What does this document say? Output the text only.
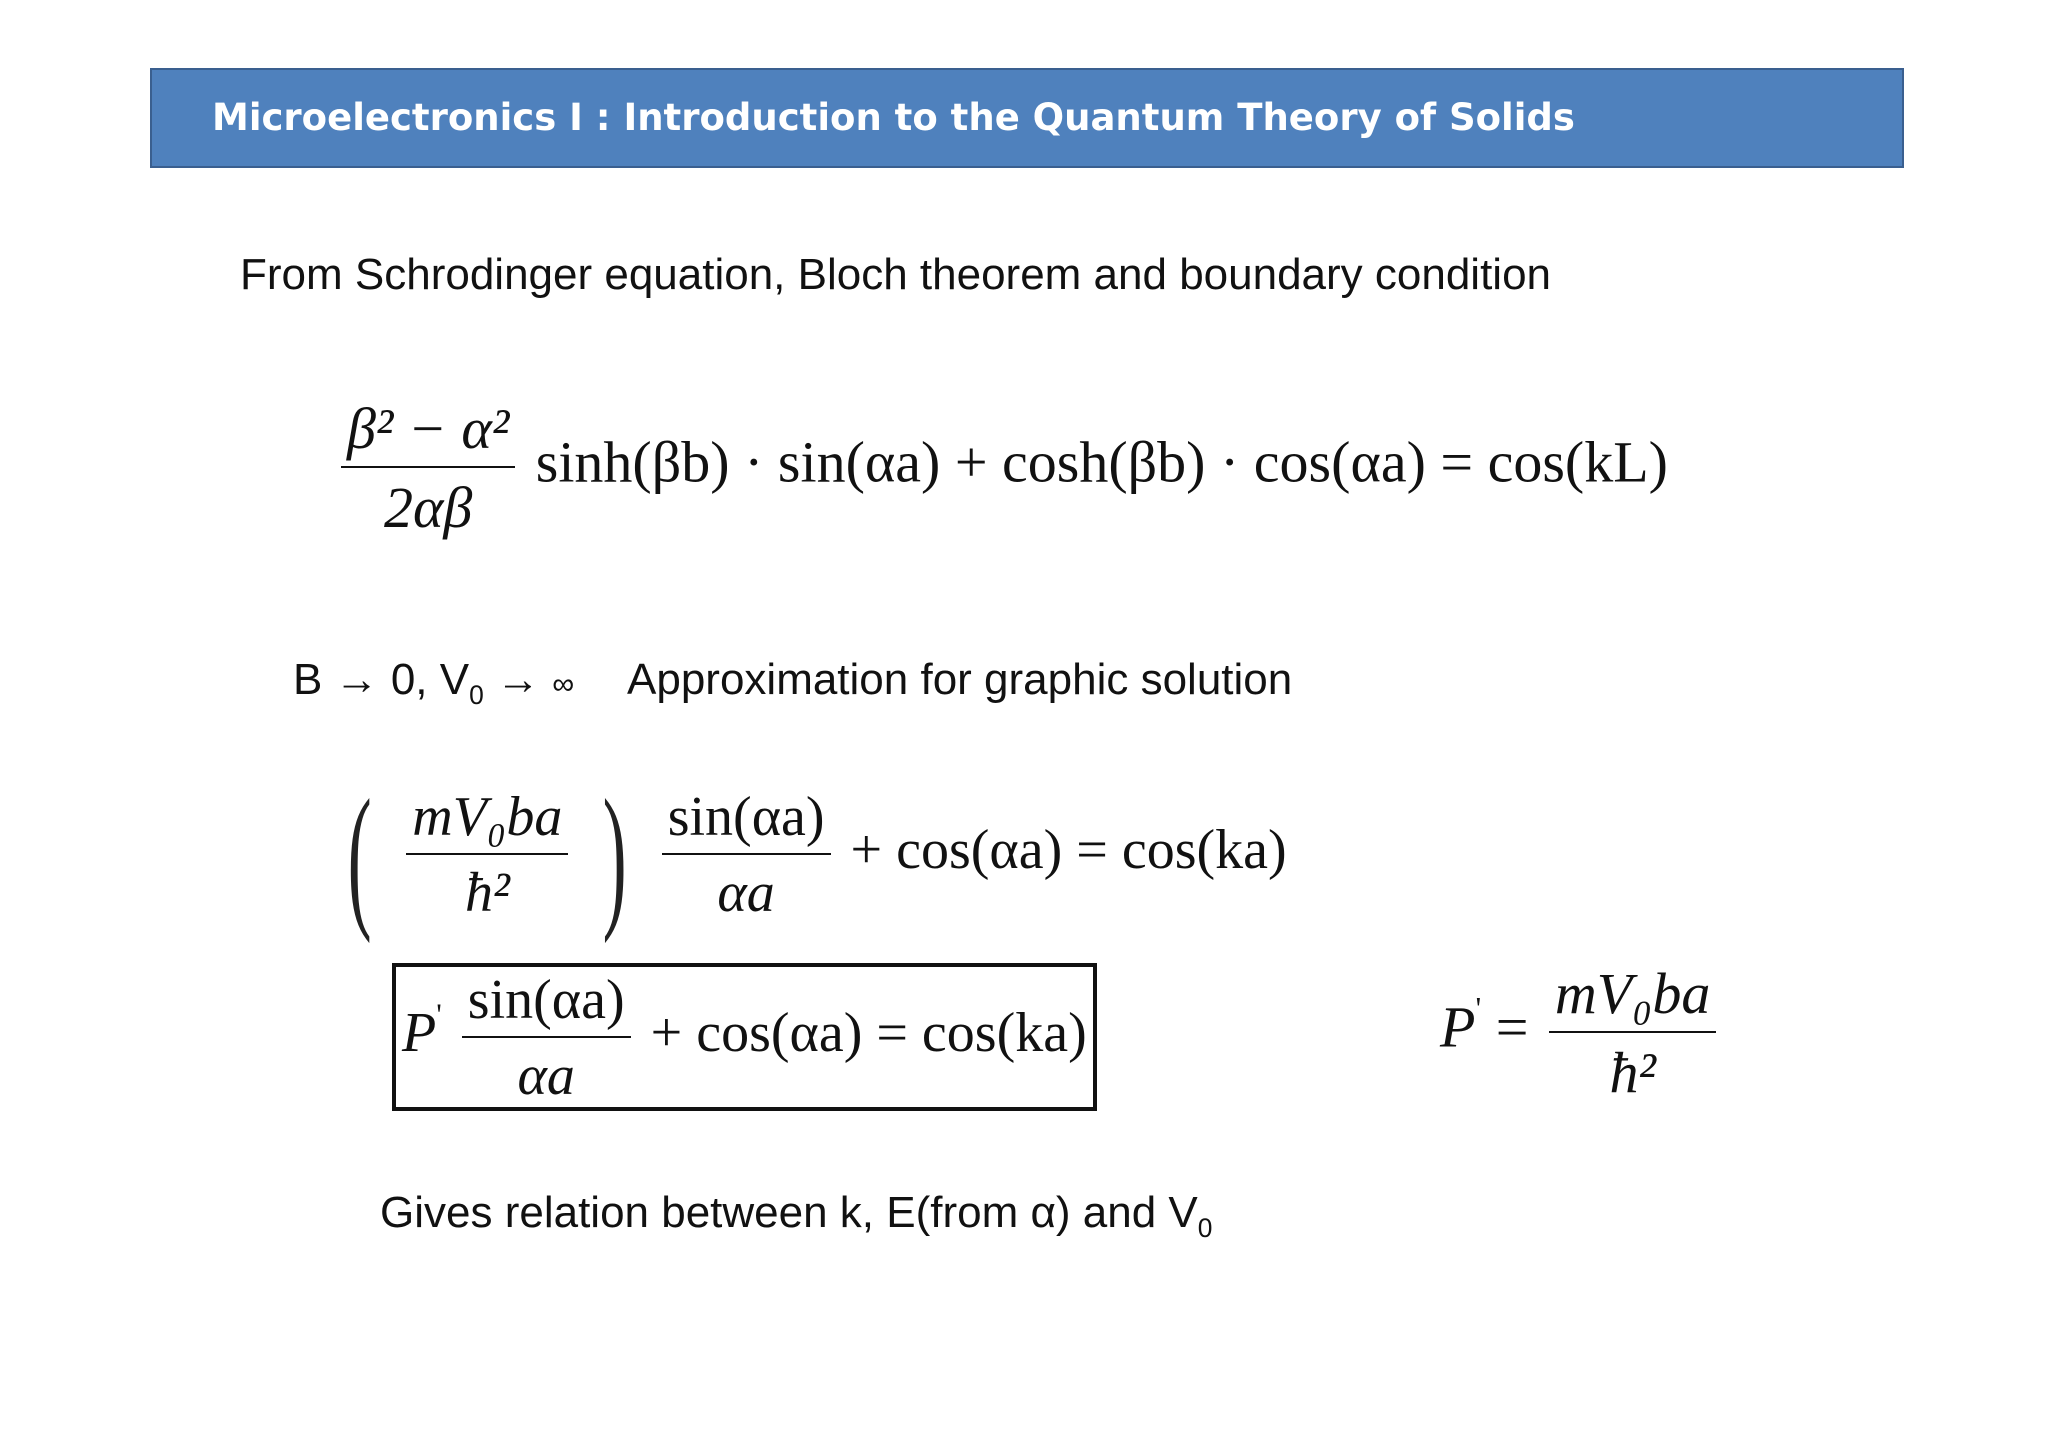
Microelectronics I : Introduction to the Quantum Theory of Solids
From Schrodinger equation, Bloch theorem and boundary condition
$\frac{\text{β² − α²}}{2\alpha\beta} \sinh(\beta b) \cdot \sin(\alpha a) + \cosh(\beta b) \cdot \cos(\alpha a) = \cos(kL)$
B → 0, $V_0$ → ∞ Approximation for graphic solution
( $\frac{\text{mV₀ba}}{\text{ħ²}}$ ) $\frac{\sin(\alpha a)}{\alpha a} + \cos(\alpha a) = \cos(ka)$
$P' \frac{\sin(\alpha a)}{\alpha a} + \cos(\alpha a) = \cos(ka)$	$P' = \frac{\text{mV₀ba}}{\text{ħ²}}$
Gives relation between k, E(from α) and $V_0$
